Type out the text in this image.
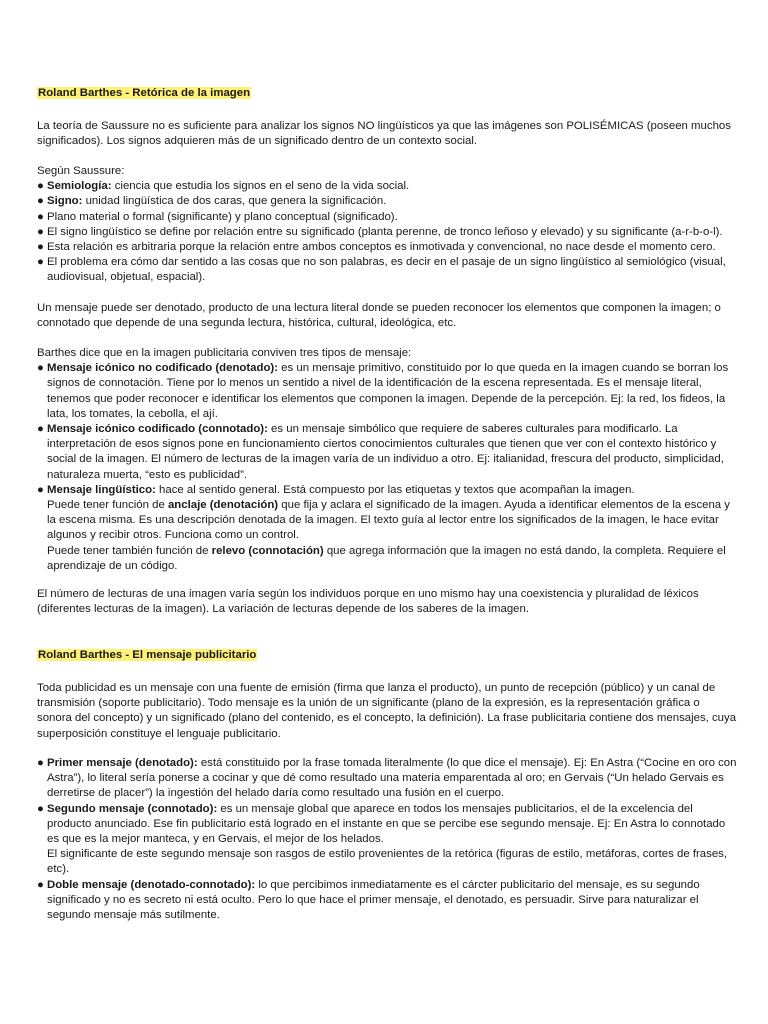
Roland Barthes - Retórica de la imagen

La teoría de Saussure no es suficiente para analizar los signos NO lingüísticos ya que las imágenes son POLISÉMICAS (poseen muchos significados). Los signos adquieren más de un significado dentro de un contexto social.

Según Saussure:

● Semiología: ciencia que estudia los signos en el seno de la vida social.
● Signo: unidad lingüística de dos caras, que genera la significación.
● Plano material o formal (significante) y plano conceptual (significado).
● El signo lingüístico se define por relación entre su significado (planta perenne, de tronco leñoso y elevado) y su significante (a-r-b-o-l).
● Esta relación es arbitraria porque la relación entre ambos conceptos es inmotivada y convencional, no nace desde el momento cero.
● El problema era cómo dar sentido a las cosas que no son palabras, es decir en el pasaje de un signo lingüístico al semiológico (visual, audiovisual, objetual, espacial).

Un mensaje puede ser denotado, producto de una lectura literal donde se pueden reconocer los elementos que componen la imagen; o connotado que depende de una segunda lectura, histórica, cultural, ideológica, etc.

Barthes dice que en la imagen publicitaria conviven tres tipos de mensaje:

● Mensaje icónico no codificado (denotado): es un mensaje primitivo, constituido por lo que queda en la imagen cuando se borran los signos de connotación. Tiene por lo menos un sentido a nivel de la identificación de la escena representada. Es el mensaje literal, tenemos que poder reconocer e identificar los elementos que componen la imagen. Depende de la percepción. Ej: la red, los fideos, la lata, los tomates, la cebolla, el ají.
● Mensaje icónico codificado (connotado): es un mensaje simbólico que requiere de saberes culturales para modificarlo. La interpretación de esos signos pone en funcionamiento ciertos conocimientos culturales que tienen que ver con el contexto histórico y social de la imagen. El número de lecturas de la imagen varía de un individuo a otro. Ej: italianidad, frescura del producto, simplicidad, naturaleza muerta, “esto es publicidad”.
● Mensaje lingüístico: hace al sentido general. Está compuesto por las etiquetas y textos que acompañan la imagen.
Puede tener función de anclaje (denotación) que fija y aclara el significado de la imagen. Ayuda a identificar elementos de la escena y la escena misma. Es una descripción denotada de la imagen. El texto guía al lector entre los significados de la imagen, le hace evitar algunos y recibir otros. Funciona como un control.
Puede tener también función de relevo (connotación) que agrega información que la imagen no está dando, la completa. Requiere el aprendizaje de un código.

El número de lecturas de una imagen varía según los individuos porque en uno mismo hay una coexistencia y pluralidad de léxicos (diferentes lecturas de la imagen). La variación de lecturas depende de los saberes de la imagen.

Roland Barthes - El mensaje publicitario

Toda publicidad es un mensaje con una fuente de emisión (firma que lanza el producto), un punto de recepción (público) y un canal de transmisión (soporte publicitario). Todo mensaje es la unión de un significante (plano de la expresión, es la representación gráfica o sonora del concepto) y un significado (plano del contenido, es el concepto, la definición). La frase publicitaria contiene dos mensajes, cuya superposición constituye el lenguaje publicitario.

● Primer mensaje (denotado): está constituido por la frase tomada literalmente (lo que dice el mensaje). Ej: En Astra (“Cocine en oro con Astra”), lo literal sería ponerse a cocinar y que dé como resultado una materia emparentada al oro; en Gervais (“Un helado Gervais es derretirse de placer”) la ingestión del helado daría como resultado una fusión en el cuerpo.
● Segundo mensaje (connotado): es un mensaje global que aparece en todos los mensajes publicitarios, el de la excelencia del producto anunciado. Ese fin publicitario está logrado en el instante en que se percibe ese segundo mensaje. Ej: En Astra lo connotado es que es la mejor manteca, y en Gervais, el mejor de los helados.
El significante de este segundo mensaje son rasgos de estilo provenientes de la retórica (figuras de estilo, metáforas, cortes de frases, etc).
● Doble mensaje (denotado-connotado): lo que percibimos inmediatamente es el cárcter publicitario del mensaje, es su segundo significado y no es secreto ni está oculto. Pero lo que hace el primer mensaje, el denotado, es persuadir. Sirve para naturalizar el segundo mensaje más sutilmente.
